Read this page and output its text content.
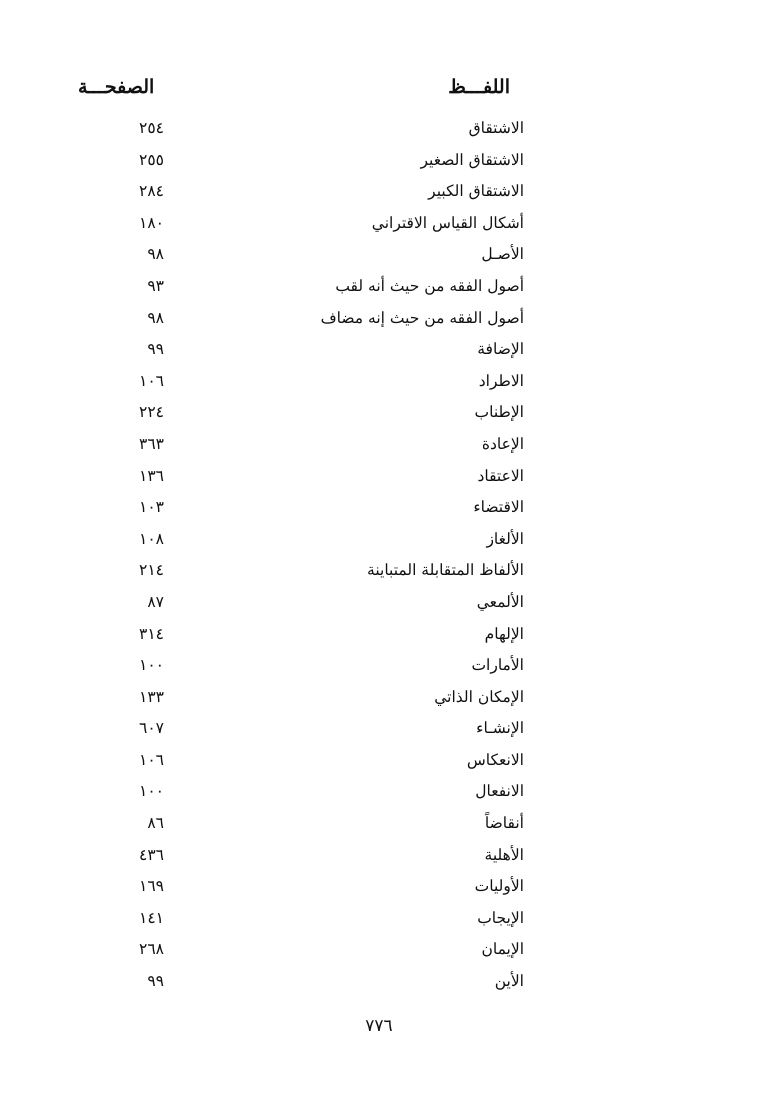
اللفـــظ
الصفحـــة
الاشتقاق
٢٥٤
الاشتقاق الصغير
٢٥٥
الاشتقاق الكبير
٢٨٤
أشكال القياس الاقتراني
١٨٠
الأصـل
٩٨
أصول الفقه من حيث أنه لقب
٩٣
أصول الفقه من حيث إنه مضاف
٩٨
الإضافة
٩٩
الاطراد
١٠٦
الإطناب
٢٢٤
الإعادة
٣٦٣
الاعتقاد
١٣٦
الاقتضاء
١٠٣
الألغاز
١٠٨
الألفاظ المتقابلة المتباينة
٢١٤
الألمعي
٨٧
الإلهام
٣١٤
الأمارات
١٠٠
الإمكان الذاتي
١٣٣
الإنشـاء
٦٠٧
الانعكاس
١٠٦
الانفعال
١٠٠
أنقاضاً
٨٦
الأهلية
٤٣٦
الأوليات
١٦٩
الإيجاب
١٤١
الإيمان
٢٦٨
الأين
٩٩
٧٧٦
